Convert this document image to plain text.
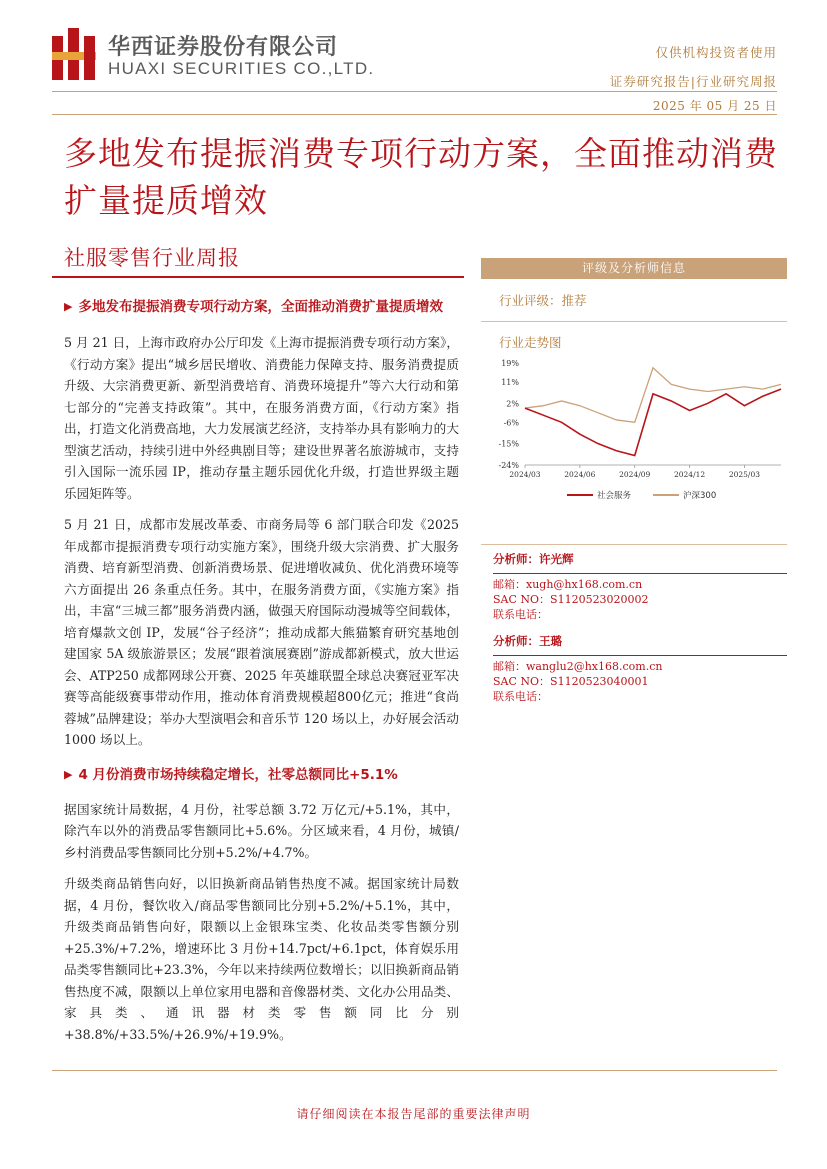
华西证券股份有限公司
HUAXI SECURITIES CO.,LTD.
仅供机构投资者使用
证券研究报告|行业研究周报
2025 年 05 月 25 日
多地发布提振消费专项行动方案，全面推动消费扩量提质增效
社服零售行业周报
▶ 多地发布提振消费专项行动方案，全面推动消费扩量提质增效

5 月 21 日，上海市政府办公厅印发《上海市提振消费专项行动方案》，《行动方案》提出“城乡居民增收、消费能力保障支持、服务消费提质升级、大宗消费更新、新型消费培育、消费环境提升”等六大行动和第七部分的“完善支持政策”。其中，在服务消费方面，《行动方案》指出，打造文化消费高地，大力发展演艺经济，支持举办具有影响力的大型演艺活动，持续引进中外经典剧目等；建设世界著名旅游城市，支持引入国际一流乐园 IP，推动存量主题乐园优化升级，打造世界级主题乐园矩阵等。

5 月 21 日，成都市发展改革委、市商务局等 6 部门联合印发《2025 年成都市提振消费专项行动实施方案》，围绕升级大宗消费、扩大服务消费、培育新型消费、创新消费场景、促进增收减负、优化消费环境等六方面提出 26 条重点任务。其中，在服务消费方面，《实施方案》指出，丰富“三城三都”服务消费内涵，做强天府国际动漫城等空间载体，培育爆款文创 IP，发展“谷子经济”；推动成都大熊猫繁育研究基地创建国家 5A 级旅游景区；发展“跟着演展赛剧”游成都新模式，放大世运会、ATP250 成都网球公开赛、2025 年英雄联盟全球总决赛冠亚军决赛等高能级赛事带动作用，推动体育消费规模超800亿元；推进“食尚蓉城”品牌建设；举办大型演唱会和音乐节 120 场以上，办好展会活动 1000 场以上。

▶ 4 月份消费市场持续稳定增长，社零总额同比+5.1%

据国家统计局数据，4 月份，社零总额 3.72 万亿元/+5.1%，其中，除汽车以外的消费品零售额同比+5.6%。分区域来看，4 月份，城镇/乡村消费品零售额同比分别+5.2%/+4.7%。

升级类商品销售向好，以旧换新商品销售热度不减。据国家统计局数据，4 月份，餐饮收入/商品零售额同比分别+5.2%/+5.1%，其中，升级类商品销售向好，限额以上金银珠宝类、化妆品类零售额分别+25.3%/+7.2%，增速环比 3 月份+14.7pct/+6.1pct，体育娱乐用品类零售额同比+23.3%，今年以来持续两位数增长；以旧换新商品销售热度不减，限额以上单位家用电器和音像器材类、文化办公用品类、家具类、通讯器材类零售额同比分别+38.8%/+33.5%/+26.9%/+19.9%。

评级及分析师信息
行业评级：推荐
行业走势图
19%
11%
2%
-6%
-15%
-24%
2024/03	2024/06	2024/09	2024/12	2025/03
社会服务	沪深300
分析师：许光辉
邮箱：xugh@hx168.com.cn
SAC NO：S1120523020002
联系电话：
分析师：王璐
邮箱：wanglu2@hx168.com.cn
SAC NO：S1120523040001
联系电话：
请仔细阅读在本报告尾部的重要法律声明
